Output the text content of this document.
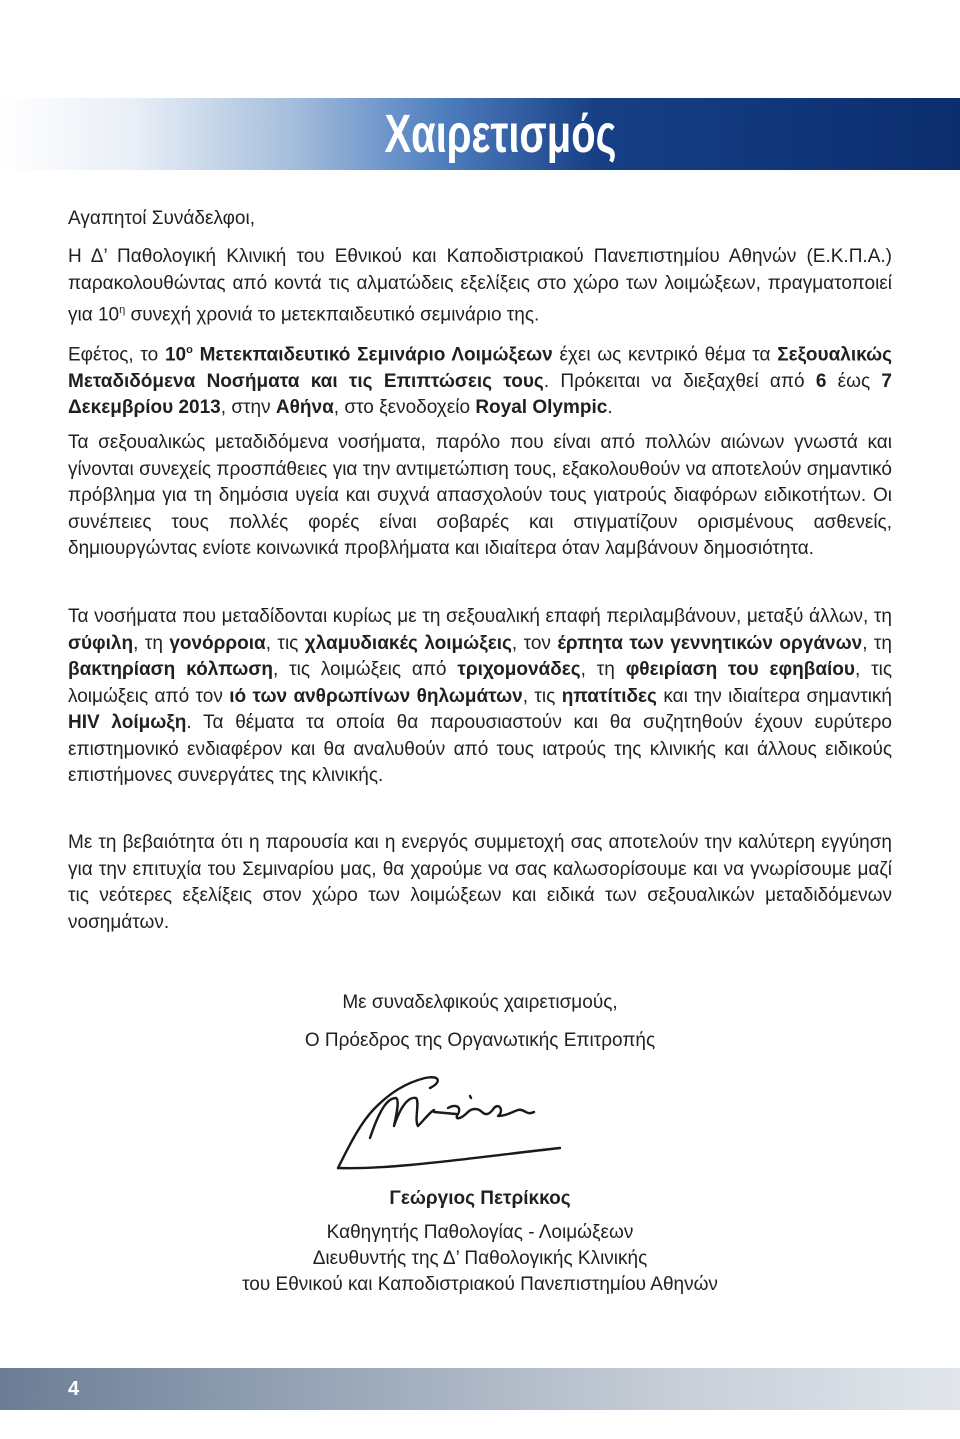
Χαιρετισμός

Αγαπητοί Συνάδελφοι,

Η Δ’ Παθολογική Κλινική του Εθνικού και Καποδιστριακού Πανεπιστημίου Αθηνών (Ε.Κ.Π.Α.) παρακολουθώντας από κοντά τις αλματώδεις εξελίξεις στο χώρο των λοιμώξεων, πραγματοποιεί για $10^\eta$ συνεχή χρονιά το μετεκπαιδευτικό σεμινάριο της.

Εφέτος, το $10^o$ Μετεκπαιδευτικό Σεμινάριο Λοιμώξεων έχει ως κεντρικό θέμα τα Σεξουαλικώς Μεταδιδόμενα Νοσήματα και τις Επιπτώσεις τους. Πρόκειται να διεξαχθεί από 6 έως 7 Δεκεμβρίου 2013, στην Αθήνα, στο ξενοδοχείο Royal Olympic.

Τα σεξουαλικώς μεταδιδόμενα νοσήματα, παρόλο που είναι από πολλών αιώνων γνωστά και γίνονται συνεχείς προσπάθειες για την αντιμετώπιση τους, εξακολουθούν να αποτελούν σημαντικό πρόβλημα για τη δημόσια υγεία και συχνά απασχολούν τους γιατρούς διαφόρων ειδικοτήτων. Οι συνέπειες τους πολλές φορές είναι σοβαρές και στιγματίζουν ορισμένους ασθενείς, δημιουργώντας ενίοτε κοινωνικά προβλήματα και ιδιαίτερα όταν λαμβάνουν δημοσιότητα.

Τα νοσήματα που μεταδίδονται κυρίως με τη σεξουαλική επαφή περιλαμβάνουν, μεταξύ άλλων, τη σύφιλη, τη γονόρροια, τις χλαμυδιακές λοιμώξεις, τον έρπητα των γεννητικών οργάνων, τη βακτηρίαση κόλπωση, τις λοιμώξεις από τριχομονάδες, τη φθειρίαση του εφηβαίου, τις λοιμώξεις από τον ιό των ανθρωπίνων θηλωμάτων, τις ηπατίτιδες και την ιδιαίτερα σημαντική HIV λοίμωξη. Τα θέματα τα οποία θα παρουσιαστούν και θα συζητηθούν έχουν ευρύτερο επιστημονικό ενδιαφέρον και θα αναλυθούν από τους ιατρούς της κλινικής και άλλους ειδικούς επιστήμονες συνεργάτες της κλινικής.

Με τη βεβαιότητα ότι η παρουσία και η ενεργός συμμετοχή σας αποτελούν την καλύτερη εγγύηση για την επιτυχία του Σεμιναρίου μας, θα χαρούμε να σας καλωσορίσουμε και να γνωρίσουμε μαζί τις νεότερες εξελίξεις στον χώρο των λοιμώξεων και ειδικά των σεξουαλικών μεταδιδόμενων νοσημάτων.

Με συναδελφικούς χαιρετισμούς,
Ο Πρόεδρος της Οργανωτικής Επιτροπής
Γεώργιος Πετρίκκος
Καθηγητής Παθολογίας - Λοιμώξεων
Διευθυντής της Δ’ Παθολογικής Κλινικής
του Εθνικού και Καποδιστριακού Πανεπιστημίου Αθηνών
4
